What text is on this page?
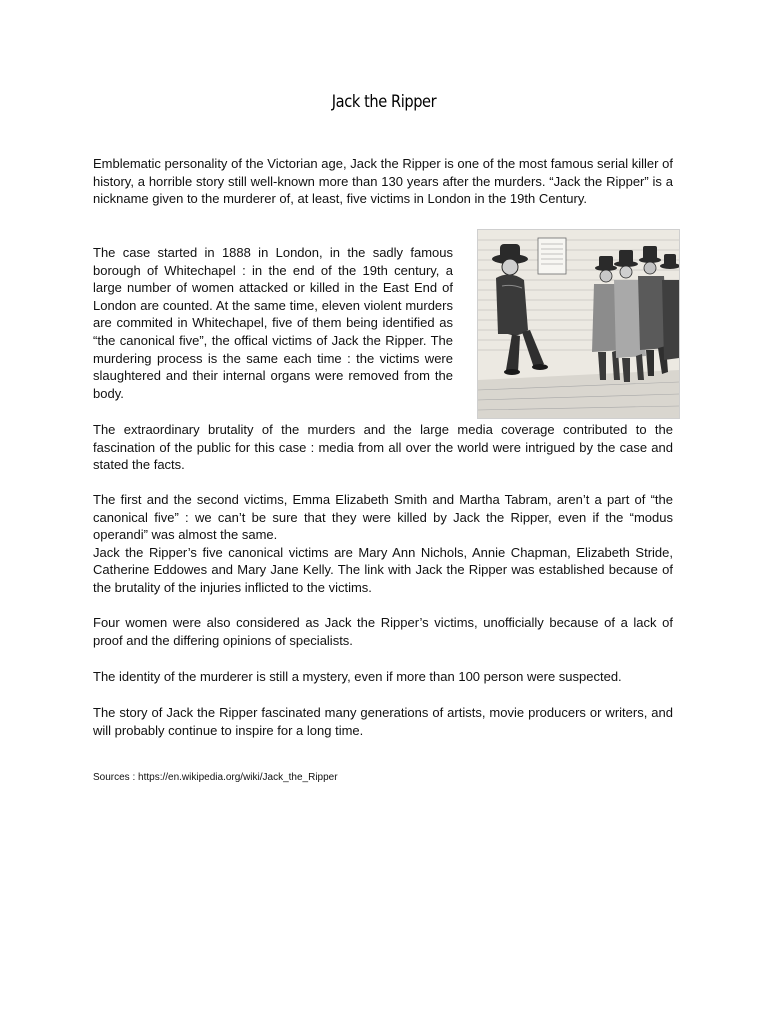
Jack the Ripper
Emblematic personality of the Victorian age, Jack the Ripper is one of the most famous serial killer of history, a horrible story still well-known more than 130 years after the murders. “Jack the Ripper” is a nickname given to the murderer of, at least, five victims in London in the 19th Century.
The case started in 1888 in London, in the sadly famous borough of Whitechapel : in the end of the 19th century, a large number of women attacked or killed in the East End of London are counted. At the same time, eleven violent murders are commited in Whitechapel, five of them being identified as “the canonical five”, the offical victims of Jack the Ripper. The murdering process is the same each time : the victims were slaughtered and their internal organs were removed from the body.
The extraordinary brutality of the murders and the large media coverage contributed to the fascination of the public for this case : media from all over the world were intrigued by the case and stated the facts.
The first and the second victims, Emma Elizabeth Smith and Martha Tabram, aren’t a part of “the canonical five” : we can’t be sure that they were killed by Jack the Ripper, even if the “modus operandi” was almost the same.
Jack the Ripper’s five canonical victims are Mary Ann Nichols, Annie Chapman, Elizabeth Stride, Catherine Eddowes and Mary Jane Kelly. The link with Jack the Ripper was established because of the brutality of the injuries inflicted to the victims.
Four women were also considered as Jack the Ripper’s victims, unofficially because of a lack of proof and the differing opinions of specialists.
The identity of the murderer is still a mystery, even if more than 100 person were suspected.
The story of Jack the Ripper fascinated many generations of artists, movie producers or writers, and will probably continue to inspire for a long time.
Sources : https://en.wikipedia.org/wiki/Jack_the_Ripper
